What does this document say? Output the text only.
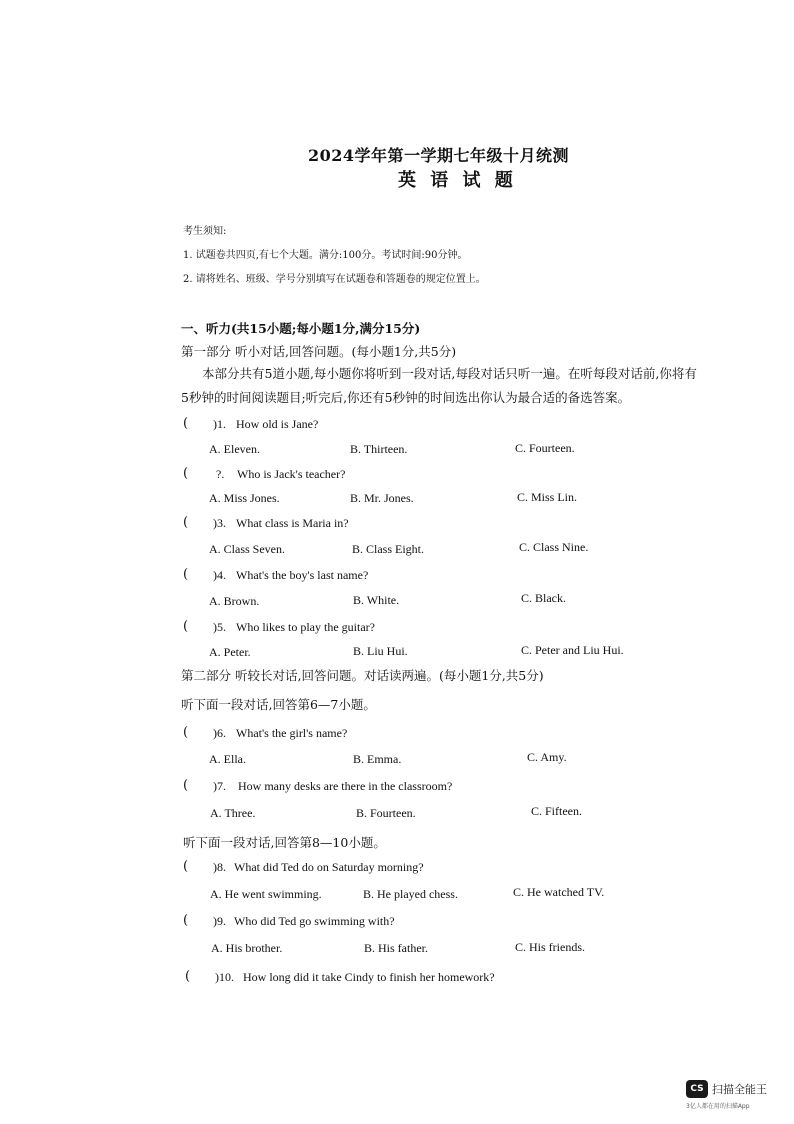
2024学年第一学期七年级十月统测
英 语 试 题
考生须知:
1. 试题卷共四页,有七个大题。满分:100分。考试时间:90分钟。
2. 请将姓名、班级、学号分别填写在试题卷和答题卷的规定位置上。
一、听力(共15小题;每小题1分,满分15分)
第一部分 听小对话,回答问题。(每小题1分,共5分)
本部分共有5道小题,每小题你将听到一段对话,每段对话只听一遍。在听每段对话前,你将有
5秒钟的时间阅读题目;听完后,你还有5秒钟的时间选出你认为最合适的备选答案。
( )1. How old is Jane?
A. Eleven.	B. Thirteen.	C. Fourteen.
( ?. Who is Jack's teacher?
A. Miss Jones.	B. Mr. Jones.	C. Miss Lin.
( )3. What class is Maria in?
A. Class Seven.	B. Class Eight.	C. Class Nine.
( )4. What's the boy's last name?
A. Brown.	B. White.	C. Black.
( )5. Who likes to play the guitar?
A. Peter.	B. Liu Hui.	C. Peter and Liu Hui.
第二部分 听较长对话,回答问题。对话读两遍。(每小题1分,共5分)
听下面一段对话,回答第6—7小题。
( )6. What's the girl's name?
A. Ella.	B. Emma.	C. Amy.
( )7. How many desks are there in the classroom?
A. Three.	B. Fourteen.	C. Fifteen.
听下面一段对话,回答第8—10小题。
( )8. What did Ted do on Saturday morning?
A. He went swimming.	B. He played chess.	C. He watched TV.
( )9. Who did Ted go swimming with?
A. His brother.	B. His father.	C. His friends.
( )10. How long did it take Cindy to finish her homework?
CS 扫描全能王
3亿人都在用的扫描App
